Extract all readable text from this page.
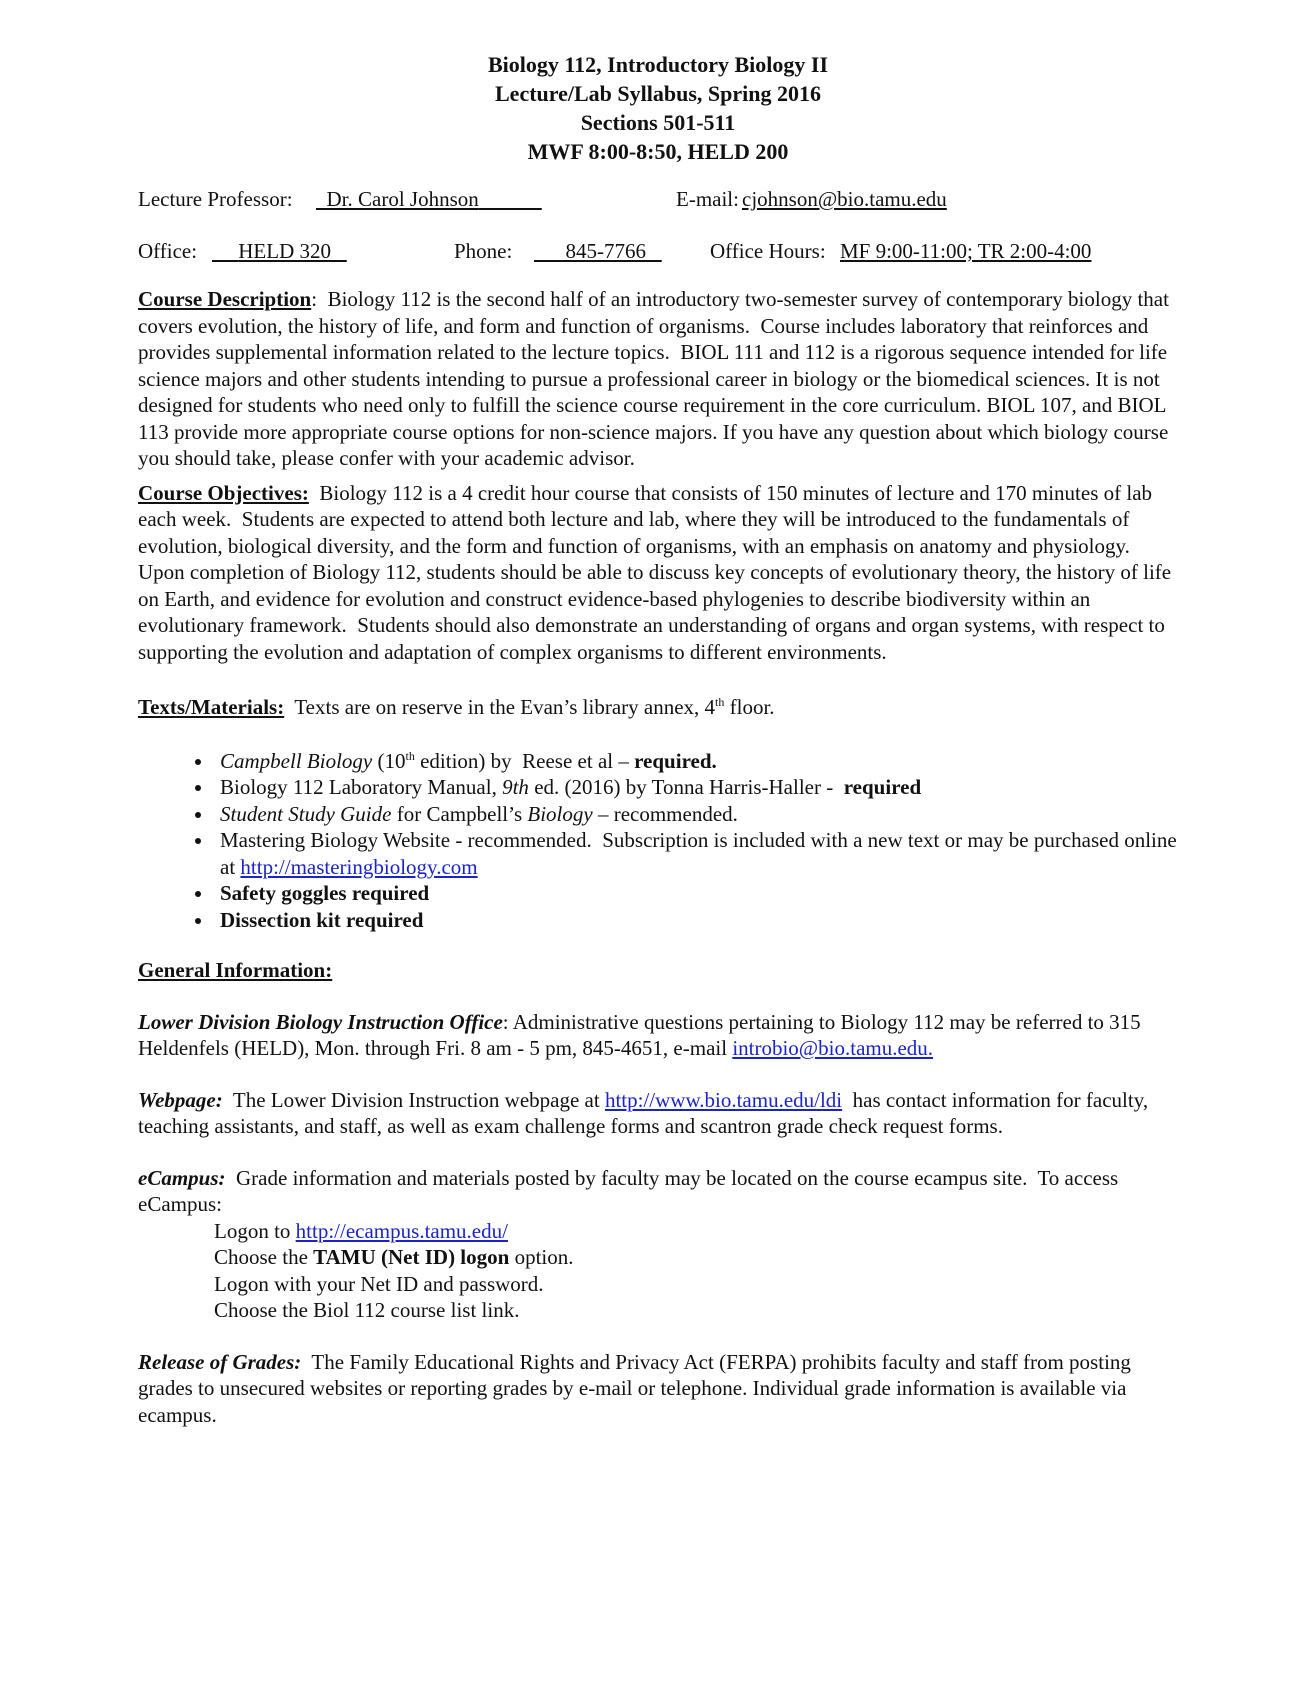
Biology 112, Introductory Biology II
Lecture/Lab Syllabus, Spring 2016
Sections 501-511
MWF 8:00-8:50, HELD 200
Lecture Professor:	Dr. Carol Johnson	E-mail: cjohnson@bio.tamu.edu
Office:	HELD 320	Phone:	845-7766	Office Hours: MF 9:00-11:00; TR 2:00-4:00

Course Description:  Biology 112 is the second half of an introductory two-semester survey of contemporary biology that covers evolution, the history of life, and form and function of organisms.  Course includes laboratory that reinforces and provides supplemental information related to the lecture topics.  BIOL 111 and 112 is a rigorous sequence intended for life science majors and other students intending to pursue a professional career in biology or the biomedical sciences. It is not designed for students who need only to fulfill the science course requirement in the core curriculum. BIOL 107, and BIOL 113 provide more appropriate course options for non-science majors. If you have any question about which biology course you should take, please confer with your academic advisor.

Course Objectives:  Biology 112 is a 4 credit hour course that consists of 150 minutes of lecture and 170 minutes of lab each week.  Students are expected to attend both lecture and lab, where they will be introduced to the fundamentals of evolution, biological diversity, and the form and function of organisms, with an emphasis on anatomy and physiology.  Upon completion of Biology 112, students should be able to discuss key concepts of evolutionary theory, the history of life on Earth, and evidence for evolution and construct evidence-based phylogenies to describe biodiversity within an evolutionary framework.  Students should also demonstrate an understanding of organs and organ systems, with respect to supporting the evolution and adaptation of complex organisms to different environments.

Texts/Materials:  Texts are on reserve in the Evan’s library annex, 4th floor.

• Campbell Biology (10th edition) by  Reese et al – required.
• Biology 112 Laboratory Manual, 9th ed. (2016) by Tonna Harris-Haller -  required
• Student Study Guide for Campbell’s Biology – recommended.
• Mastering Biology Website - recommended.  Subscription is included with a new text or may be purchased online at http://masteringbiology.com
• Safety goggles required
• Dissection kit required

General Information:

Lower Division Biology Instruction Office: Administrative questions pertaining to Biology 112 may be referred to 315 Heldenfels (HELD), Mon. through Fri. 8 am - 5 pm, 845-4651, e-mail introbio@bio.tamu.edu.

Webpage:  The Lower Division Instruction webpage at http://www.bio.tamu.edu/ldi  has contact information for faculty, teaching assistants, and staff, as well as exam challenge forms and scantron grade check request forms.

eCampus:  Grade information and materials posted by faculty may be located on the course ecampus site.  To access eCampus:

Logon to http://ecampus.tamu.edu/
Choose the TAMU (Net ID) logon option.
Logon with your Net ID and password.
Choose the Biol 112 course list link.

Release of Grades:  The Family Educational Rights and Privacy Act (FERPA) prohibits faculty and staff from posting grades to unsecured websites or reporting grades by e-mail or telephone. Individual grade information is available via ecampus.
